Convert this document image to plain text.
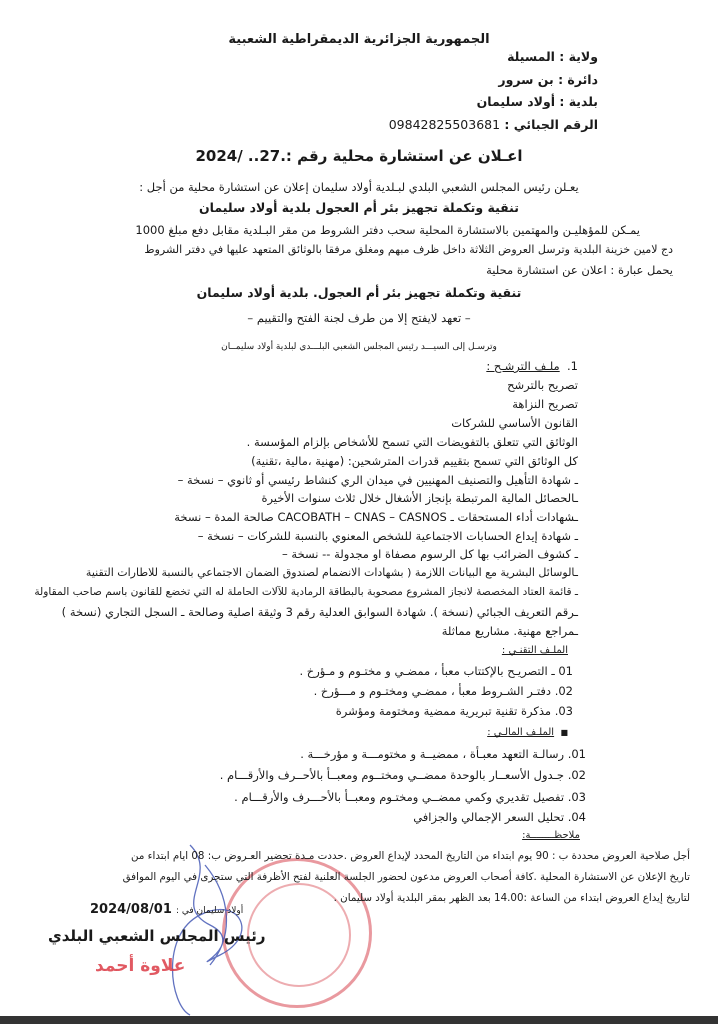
الجمهورية الجزائرية الديمقراطية الشعبية
ولاية : المسيلة
دائرة : بن سرور
بلدية : أولاد سليمان
الرقم الجبائي : 09842825503681
اعـلان عن استشارة محلية رقم :.27.. /2024
يعـلن رئيس المجلس الشعبي البلدي لبـلدية أولاد سليمان إعلان عن استشارة محلية من أجل :
تنقية وتكملة تجهيز بئر أم العجول بلدية أولاد سليمان
يمـكن للمؤهليـن والمهتمين بالاستشارة المحلية سحب دفتر الشروط من مقر البـلدية مقابل دفع مبلغ 1000
دج لامين خزينة البلدية وترسل العروض الثلاثة داخل ظرف مبهم ومغلق مرفقا بالوثائق المتعهد عليها في دفتر الشروط
يحمل عبارة : اعلان عن استشارة محلية
تنقية وتكملة تجهيز بئر أم العجول. بلدية أولاد سليمان
– تعهد لايفتح إلا من طرف لجنة الفتح والتقييم –
وترسـل إلى السيـــد رئيس المجلس الشعبي البلـــدي لبلدية أولاد سليمــان
1.  ملـف الترشـح :
تصريح بالترشح
تصريح النزاهة
القانون الأساسي للشركات
الوثائق التي تتعلق بالتفويضات التي تسمح للأشخاص بإلزام المؤسسة .
كل الوثائق التي تسمح بتقييم قدرات المترشحين: (مهنية ،مالية ،تقنية)
ـ شهادة التأهيل والتصنيف المهنيين في ميدان الري كنشاط رئيسي أو ثانوي – نسخة –
ـالحصائل المالية المرتبطة بإنجاز الأشغال خلال ثلاث سنوات الأخيرة
ـشهادات أداء المستحقات ـ CACOBATH – CNAS – CASNOS صالحة المدة – نسخة
ـ شهادة إيداع الحسابات الاجتماعية للشخص المعنوي بالنسبة للشركات – نسخة –
ـ كشوف الضرائب بها كل الرسوم مصفاة او مجدولة -- نسخة –
ـالوسائل البشرية مع البيانات اللازمة ( بشهادات الانضمام لصندوق الضمان الاجتماعي بالنسبة للاطارات التقنية
ـ قائمة العتاد المخصصة لانجاز المشروع مصحوبة بالبطاقة الرمادية للآلات الحاملة له التي تخضع للقانون باسم صاحب المقاولة
ـرقم التعريف الجبائي (نسخة ). شهادة السوابق العدلية رقم 3 وثيقة اصلية وصالحة ـ السجل التجاري (نسخة )
ـمراجع مهنية. مشاريع مماثلة
الملـف التقنـي :
01 ـ التصريـح بالإكتتاب معبأ ، ممضـي و مختـوم و مـؤرخ .
02. دفتـر الشـروط معبأ ، ممضـي ومختـوم و مـــؤرخ .
03. مذكرة تقنية تبريرية ممضية ومختومة ومؤشرة
■  الملـف المالـي :
01. رسالـة التعهد معبـأة ، ممضيــة و مختومـــة و مؤرخـــة .
02. جـدول الأسعــار بالوحدة ممضــي ومختــوم ومعبــأ بالأحــرف والأرقـــام .
03. تفصيل تقديري وكمي ممضــي ومختـوم ومعبــأ بالأحـــرف والأرقـــام .
04. تحليل السعر الإجمالي والجزافي
ملاحظــــــــة:
أجل صلاحية العروض محددة ب : 90 يوم ابتداء من التاريخ المحدد لإيداع العروض .حددت مـدة تحضير العـروض ب: 08 ايام ابتداء من
تاريخ الإعلان عن الاستشارة المحلية .كافة أصحاب العروض مدعون لحضور الجلسة العلنية لفتح الأظرفة التي ستجرى في اليوم الموافق
لتاريخ إيداع العروض ابتداء من الساعة :14.00 بعد الظهر بمقر البلدية أولاد سليمان .
أولاد سليمان في : 2024/08/01
رئيس المجلس الشعبي البلدي
علاوة أحمد
